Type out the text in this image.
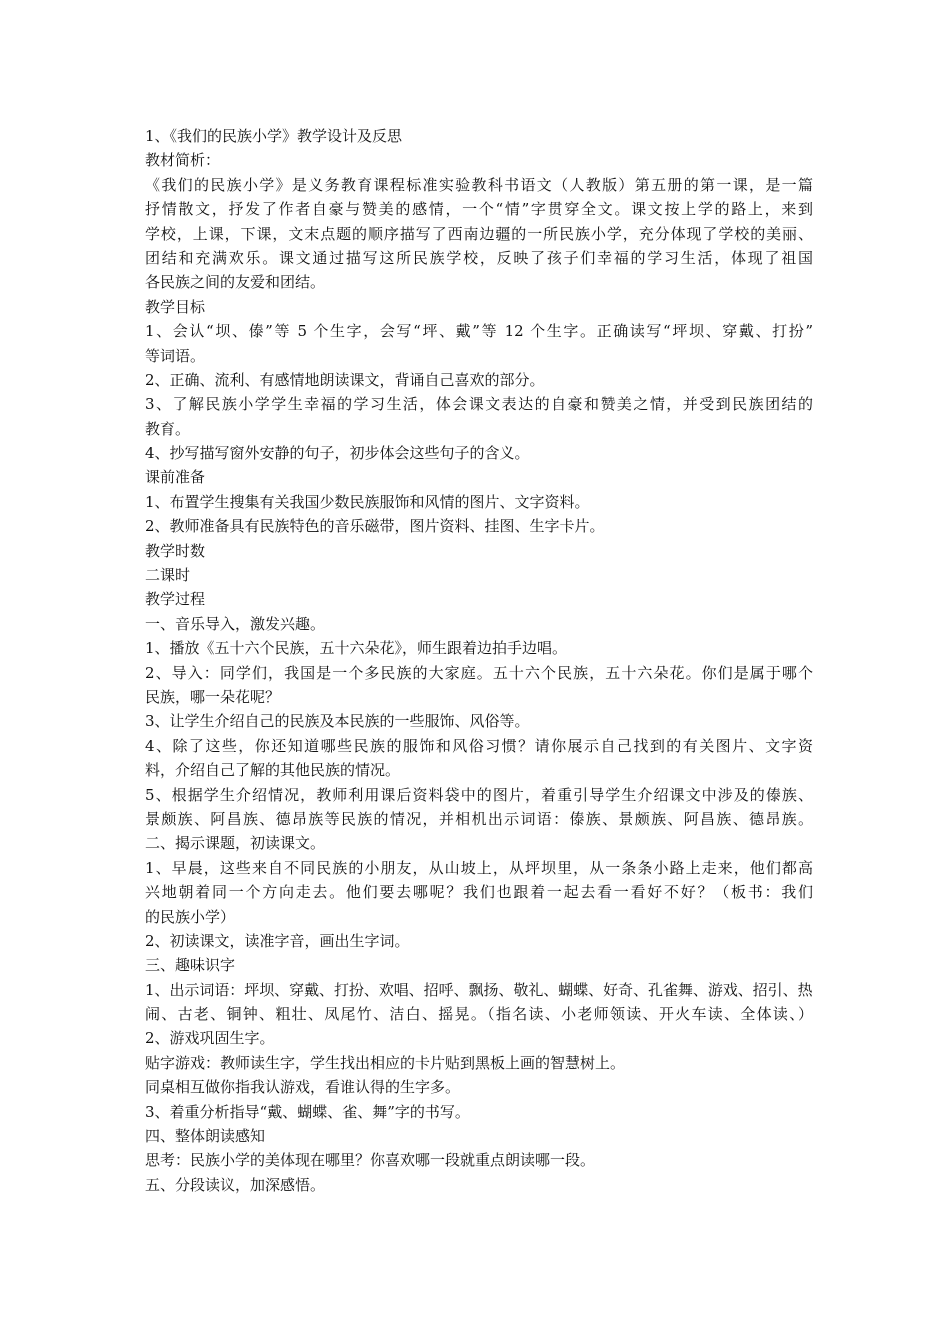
1、《我们的民族小学》教学设计及反思
教材简析：
《我们的民族小学》是义务教育课程标准实验教科书语文（人教版）第五册的第一课，是一篇
抒情散文，抒发了作者自豪与赞美的感情，一个“情”字贯穿全文。课文按上学的路上，来到
学校，上课，下课，文末点题的顺序描写了西南边疆的一所民族小学，充分体现了学校的美丽、
团结和充满欢乐。课文通过描写这所民族学校，反映了孩子们幸福的学习生活，体现了祖国
各民族之间的友爱和团结。
教学目标
1、会认“坝、傣”等 5 个生字，会写“坪、戴”等 12 个生字。正确读写“坪坝、穿戴、打扮”
等词语。
2、正确、流利、有感情地朗读课文，背诵自己喜欢的部分。
3、了解民族小学学生幸福的学习生活，体会课文表达的自豪和赞美之情，并受到民族团结的
教育。
4、抄写描写窗外安静的句子，初步体会这些句子的含义。
课前准备
1、布置学生搜集有关我国少数民族服饰和风情的图片、文字资料。
2、教师准备具有民族特色的音乐磁带，图片资料、挂图、生字卡片。
教学时数
二课时
教学过程
一、音乐导入，激发兴趣。
1、播放《五十六个民族，五十六朵花》，师生跟着边拍手边唱。
2、导入：同学们，我国是一个多民族的大家庭。五十六个民族，五十六朵花。你们是属于哪个
民族，哪一朵花呢？
3、让学生介绍自己的民族及本民族的一些服饰、风俗等。
4、除了这些，你还知道哪些民族的服饰和风俗习惯？请你展示自己找到的有关图片、文字资
料，介绍自己了解的其他民族的情况。
5、根据学生介绍情况，教师利用课后资料袋中的图片，着重引导学生介绍课文中涉及的傣族、
景颇族、阿昌族、德昂族等民族的情况，并相机出示词语：傣族、景颇族、阿昌族、德昂族。
二、揭示课题，初读课文。
1、早晨，这些来自不同民族的小朋友，从山坡上，从坪坝里，从一条条小路上走来，他们都高
兴地朝着同一个方向走去。他们要去哪呢？我们也跟着一起去看一看好不好？（板书：我们
的民族小学）
2、初读课文，读准字音，画出生字词。
三、趣味识字
1、出示词语：坪坝、穿戴、打扮、欢唱、招呼、飘扬、敬礼、蝴蝶、好奇、孔雀舞、游戏、招引、热
闹、古老、铜钟、粗壮、凤尾竹、洁白、摇晃。（指名读、小老师领读、开火车读、全体读、）
2、游戏巩固生字。
贴字游戏：教师读生字，学生找出相应的卡片贴到黑板上画的智慧树上。
同桌相互做你指我认游戏，看谁认得的生字多。
3、着重分析指导“戴、蝴蝶、雀、舞”字的书写。
四、整体朗读感知
思考：民族小学的美体现在哪里？你喜欢哪一段就重点朗读哪一段。
五、分段读议，加深感悟。
